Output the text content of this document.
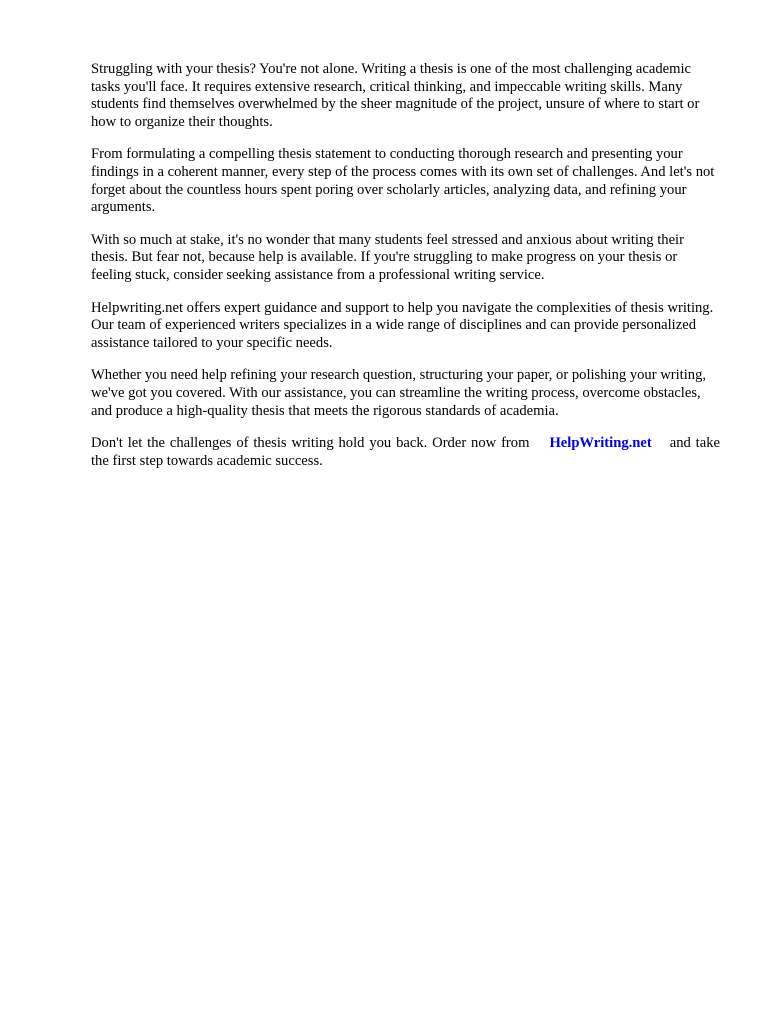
Struggling with your thesis? You're not alone. Writing a thesis is one of the most challenging academic tasks you'll face. It requires extensive research, critical thinking, and impeccable writing skills. Many students find themselves overwhelmed by the sheer magnitude of the project, unsure of where to start or how to organize their thoughts.

From formulating a compelling thesis statement to conducting thorough research and presenting your findings in a coherent manner, every step of the process comes with its own set of challenges. And let's not forget about the countless hours spent poring over scholarly articles, analyzing data, and refining your arguments.

With so much at stake, it's no wonder that many students feel stressed and anxious about writing their thesis. But fear not, because help is available. If you're struggling to make progress on your thesis or feeling stuck, consider seeking assistance from a professional writing service.

Helpwriting.net offers expert guidance and support to help you navigate the complexities of thesis writing. Our team of experienced writers specializes in a wide range of disciplines and can provide personalized assistance tailored to your specific needs.

Whether you need help refining your research question, structuring your paper, or polishing your writing, we've got you covered. With our assistance, you can streamline the writing process, overcome obstacles, and produce a high-quality thesis that meets the rigorous standards of academia.

Don't let the challenges of thesis writing hold you back. Order now from HelpWriting.net and take the first step towards academic success.
